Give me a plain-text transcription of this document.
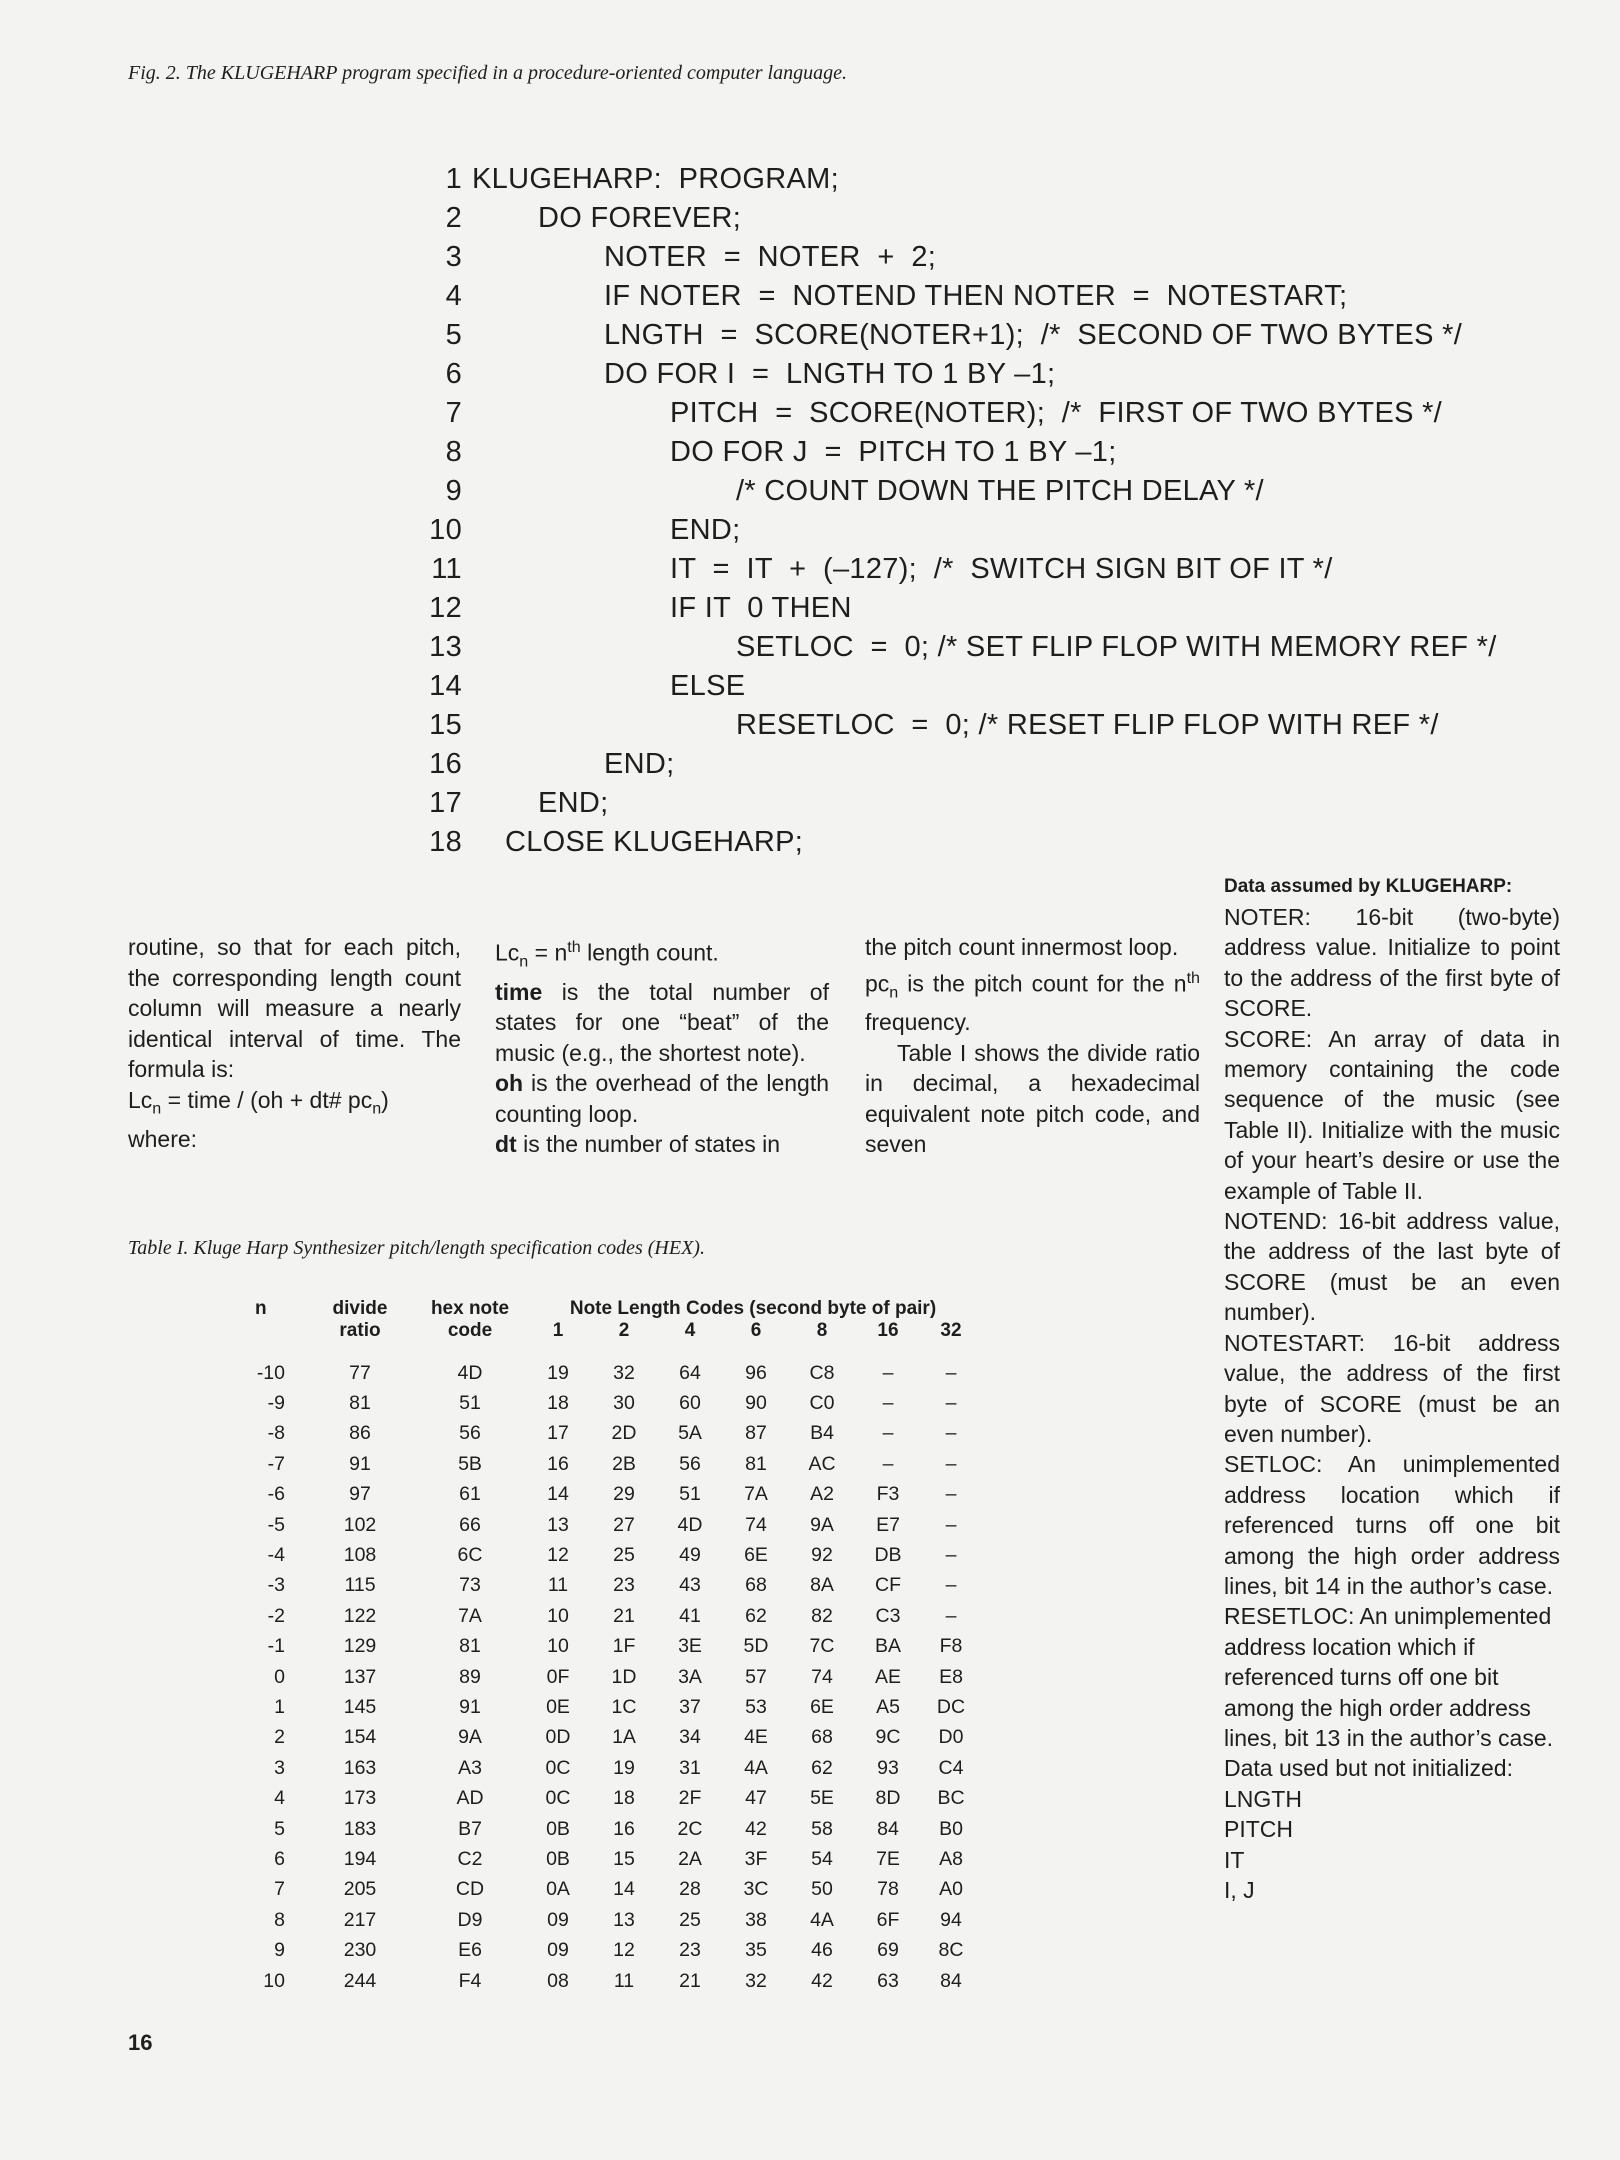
Fig. 2. The KLUGEHARP program specified in a procedure-oriented computer language.
1 KLUGEHARP:  PROGRAM;
2	DO FOREVER;
3	NOTER  =  NOTER  +  2;
4	IF NOTER  =  NOTEND THEN NOTER  =  NOTESTART;
5	LNGTH  =  SCORE(NOTER+1);  /*  SECOND OF TWO BYTES */
6	DO FOR I  =  LNGTH TO 1 BY –1;
7	PITCH  =  SCORE(NOTER);  /*  FIRST OF TWO BYTES */
8	DO FOR J  =  PITCH TO 1 BY –1;
9	/* COUNT DOWN THE PITCH DELAY */
10	END;
11	IT  =  IT  +  (–127);  /*  SWITCH SIGN BIT OF IT */
12	IF IT  0 THEN
13	SETLOC  =  0; /* SET FLIP FLOP WITH MEMORY REF */
14	ELSE
15	RESETLOC  =  0; /* RESET FLIP FLOP WITH REF */
16	END;
17	END;
18 CLOSE KLUGEHARP;

routine, so that for each pitch, the corresponding length count column will measure a nearly identical interval of time. The formula is:

$Lc_n$ = time / (oh + dt# $pc_n$)

where:

$Lc_n = n^{th}$ length count.

time is the total number of states for one “beat” of the music (e.g., the shortest note).

oh is the overhead of the length counting loop.

dt is the number of states in

the pitch count innermost loop.

$pc_n$ is the pitch count for the $n^{th}$ frequency.

Table I shows the divide ratio in decimal, a hexadecimal equivalent note pitch code, and seven

Data assumed by KLUGEHARP:

NOTER: 16-bit (two-byte) address value. Initialize to point to the address of the first byte of SCORE.

SCORE: An array of data in memory containing the code sequence of the music (see Table II). Initialize with the music of your heart’s desire or use the example of Table II.

NOTEND: 16-bit address value, the address of the last byte of SCORE (must be an even number).

NOTESTART: 16-bit address value, the address of the first byte of SCORE (must be an even number).

SETLOC: An unimplemented address location which if referenced turns off one bit among the high order address lines, bit 14 in the author’s case.

RESETLOC: An unimplemented address location which if referenced turns off one bit among the high order address lines, bit 13 in the author’s case.

Data used but not initialized:

LNGTH

PITCH

IT

I, J

Table I. Kluge Harp Synthesizer pitch/length specification codes (HEX).
n	divide	hex note	Note Length Codes (second byte of pair)						
	ratio	code	1	2	4	6	8	16	32

-10	77	4D	19	32	64	96	C8	–	–
-9	81	51	18	30	60	90	C0	–	–
-8	86	56	17	2D	5A	87	B4	–	–
-7	91	5B	16	2B	56	81	AC	–	–
-6	97	61	14	29	51	7A	A2	F3	–
-5	102	66	13	27	4D	74	9A	E7	–
-4	108	6C	12	25	49	6E	92	DB	–
-3	115	73	11	23	43	68	8A	CF	–
-2	122	7A	10	21	41	62	82	C3	–
-1	129	81	10	1F	3E	5D	7C	BA	F8
0	137	89	0F	1D	3A	57	74	AE	E8
1	145	91	0E	1C	37	53	6E	A5	DC
2	154	9A	0D	1A	34	4E	68	9C	D0
3	163	A3	0C	19	31	4A	62	93	C4
4	173	AD	0C	18	2F	47	5E	8D	BC
5	183	B7	0B	16	2C	42	58	84	B0
6	194	C2	0B	15	2A	3F	54	7E	A8
7	205	CD	0A	14	28	3C	50	78	A0
8	217	D9	09	13	25	38	4A	6F	94
9	230	E6	09	12	23	35	46	69	8C
10	244	F4	08	11	21	32	42	63	84
16
